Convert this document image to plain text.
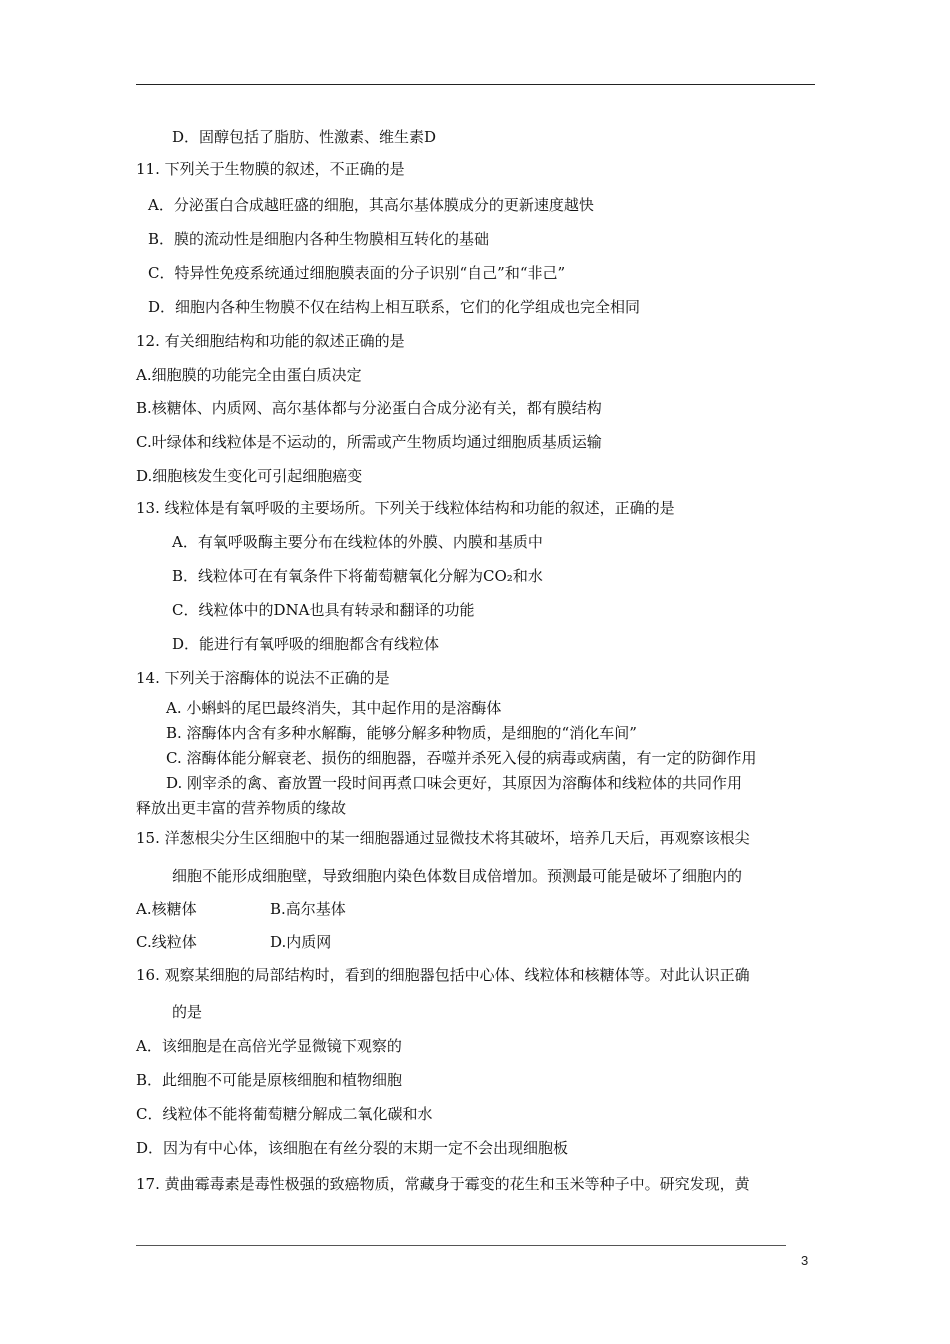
D．固醇包括了脂肪、性激素、维生素D
11. 下列关于生物膜的叙述，不正确的是
A．分泌蛋白合成越旺盛的细胞，其高尔基体膜成分的更新速度越快
B．膜的流动性是细胞内各种生物膜相互转化的基础
C．特异性免疫系统通过细胞膜表面的分子识别“自己”和“非己”
D．细胞内各种生物膜不仅在结构上相互联系，它们的化学组成也完全相同
12. 有关细胞结构和功能的叙述正确的是
A.细胞膜的功能完全由蛋白质决定
B.核糖体、内质网、高尔基体都与分泌蛋白合成分泌有关，都有膜结构
C.叶绿体和线粒体是不运动的，所需或产生物质均通过细胞质基质运输
D.细胞核发生变化可引起细胞癌变
13. 线粒体是有氧呼吸的主要场所。下列关于线粒体结构和功能的叙述，正确的是
A．有氧呼吸酶主要分布在线粒体的外膜、内膜和基质中
B．线粒体可在有氧条件下将葡萄糖氧化分解为CO₂和水
C．线粒体中的DNA也具有转录和翻译的功能
D．能进行有氧呼吸的细胞都含有线粒体
14. 下列关于溶酶体的说法不正确的是
A. 小蝌蚪的尾巴最终消失，其中起作用的是溶酶体
B. 溶酶体内含有多种水解酶，能够分解多种物质，是细胞的“消化车间”
C. 溶酶体能分解衰老、损伤的细胞器，吞噬并杀死入侵的病毒或病菌，有一定的防御作用
D. 刚宰杀的禽、畜放置一段时间再煮口味会更好，其原因为溶酶体和线粒体的共同作用
释放出更丰富的营养物质的缘故
15. 洋葱根尖分生区细胞中的某一细胞器通过显微技术将其破坏，培养几天后，再观察该根尖
细胞不能形成细胞壁，导致细胞内染色体数目成倍增加。预测最可能是破坏了细胞内的
A.核糖体	B.高尔基体
C.线粒体	D.内质网
16. 观察某细胞的局部结构时，看到的细胞器包括中心体、线粒体和核糖体等。对此认识正确
的是
A．该细胞是在高倍光学显微镜下观察的
B．此细胞不可能是原核细胞和植物细胞
C．线粒体不能将葡萄糖分解成二氧化碳和水
D．因为有中心体，该细胞在有丝分裂的末期一定不会出现细胞板
17. 黄曲霉毒素是毒性极强的致癌物质，常藏身于霉变的花生和玉米等种子中。研究发现，黄
3
